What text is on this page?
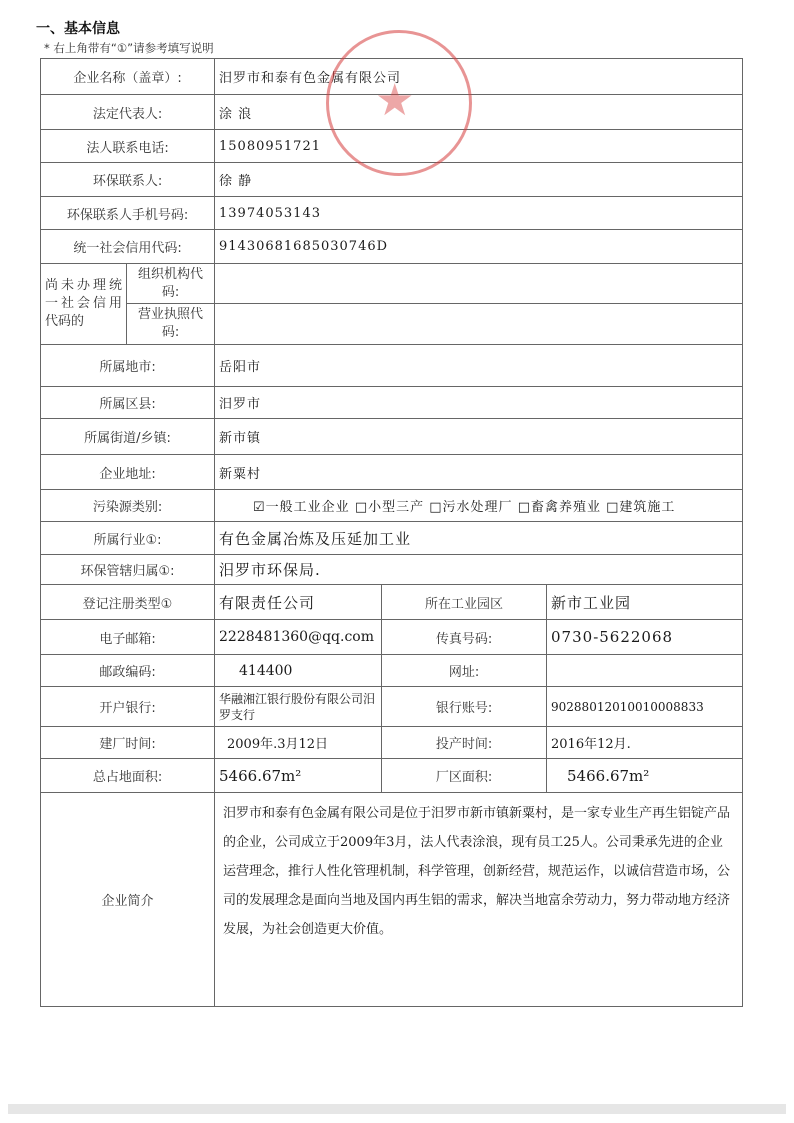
一、基本信息
* 右上角带有“①”请参考填写说明
企业名称（盖章）:		汨罗市和泰有色金属有限公司		
法定代表人:		涂 浪		
法人联系电话:		15080951721		
环保联系人:		徐 静		
环保联系人手机号码:		13974053143		
统一社会信用代码:		91430681685030746D		
尚未办理统一社会信用代码的	组织机构代码:			
	营业执照代码:			
所属地市:		岳阳市		
所属区县:		汨罗市		
所属街道/乡镇:		新市镇		
企业地址:		新粟村		
污染源类别:		☑一般工业企业 □小型三产 □污水处理厂 □畜禽养殖业 □建筑施工		
所属行业①:		有色金属冶炼及压延加工业		
环保管辖归属①:		汨罗市环保局.		
登记注册类型①		有限责任公司	所在工业园区	新市工业园
电子邮箱:		2228481360@qq.com	传真号码:	0730-5622068
邮政编码:		414400	网址:	
开户银行:		华融湘江银行股份有限公司汨罗支行	银行账号:	90288012010010008833
建厂时间:		2009年.3月12日	投产时间:	2016年12月.
总占地面积:		5466.67m²	厂区面积:	5466.67m²
企业简介		汨罗市和泰有色金属有限公司是位于汨罗市新市镇新粟村，是一家专业生产再生铝锭产品的企业，公司成立于2009年3月，法人代表涂浪，现有员工25人。公司秉承先进的企业运营理念，推行人性化管理机制，科学管理，创新经营，规范运作，以诚信营造市场，公司的发展理念是面向当地及国内再生铝的需求，解决当地富余劳动力，努力带动地方经济发展，为社会创造更大价值。		
★
